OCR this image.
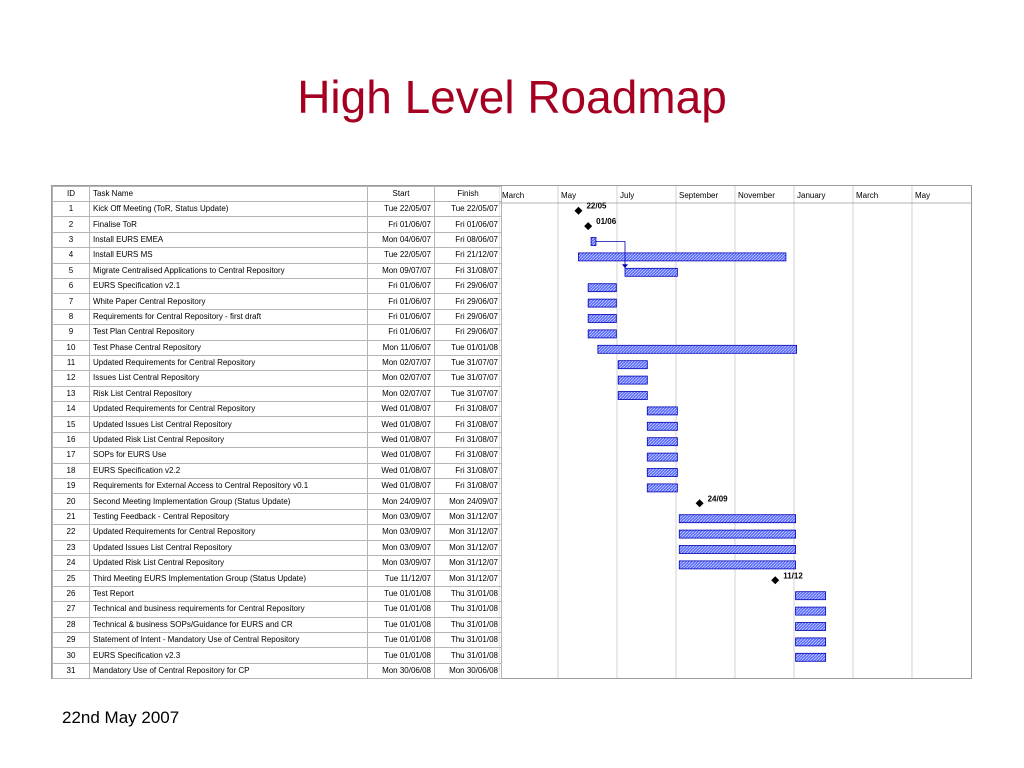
High Level Roadmap
ID	Task Name	Start	Finish
1	Kick Off Meeting (ToR, Status Update)	Tue 22/05/07	Tue 22/05/07
2	Finalise ToR	Fri 01/06/07	Fri 01/06/07
3	Install EURS EMEA	Mon 04/06/07	Fri 08/06/07
4	Install EURS MS	Tue 22/05/07	Fri 21/12/07
5	Migrate Centralised Applications to Central Repository	Mon 09/07/07	Fri 31/08/07
6	EURS Specification v2.1	Fri 01/06/07	Fri 29/06/07
7	White Paper Central Repository	Fri 01/06/07	Fri 29/06/07
8	Requirements for Central Repository - first draft	Fri 01/06/07	Fri 29/06/07
9	Test Plan Central Repository	Fri 01/06/07	Fri 29/06/07
10	Test Phase Central Repository	Mon 11/06/07	Tue 01/01/08
11	Updated Requirements for Central Repository	Mon 02/07/07	Tue 31/07/07
12	Issues List Central Repository	Mon 02/07/07	Tue 31/07/07
13	Risk List Central Repository	Mon 02/07/07	Tue 31/07/07
14	Updated Requirements for Central Repository	Wed 01/08/07	Fri 31/08/07
15	Updated Issues List Central Repository	Wed 01/08/07	Fri 31/08/07
16	Updated Risk List Central Repository	Wed 01/08/07	Fri 31/08/07
17	SOPs for EURS Use	Wed 01/08/07	Fri 31/08/07
18	EURS Specification v2.2	Wed 01/08/07	Fri 31/08/07
19	Requirements for External Access to Central Repository v0.1	Wed 01/08/07	Fri 31/08/07
20	Second Meeting Implementation Group (Status Update)	Mon 24/09/07	Mon 24/09/07
21	Testing Feedback - Central Repository	Mon 03/09/07	Mon 31/12/07
22	Updated Requirements for Central Repository	Mon 03/09/07	Mon 31/12/07
23	Updated Issues List Central Repository	Mon 03/09/07	Mon 31/12/07
24	Updated Risk List Central Repository	Mon 03/09/07	Mon 31/12/07
25	Third Meeting EURS Implementation Group (Status Update)	Tue 11/12/07	Mon 31/12/07
26	Test Report	Tue 01/01/08	Thu 31/01/08
27	Technical and business requirements for Central Repository	Tue 01/01/08	Thu 31/01/08
28	Technical & business SOPs/Guidance for EURS and CR	Tue 01/01/08	Thu 31/01/08
29	Statement of Intent - Mandatory Use of Central Repository	Tue 01/01/08	Thu 31/01/08
30	EURS Specification v2.3	Tue 01/01/08	Thu 31/01/08
31	Mandatory Use of Central Repository for CP	Mon 30/06/08	Mon 30/06/08
March	May	July	September November	January	March	May
22/05
01/06
24/09
11/12
22nd May 2007
